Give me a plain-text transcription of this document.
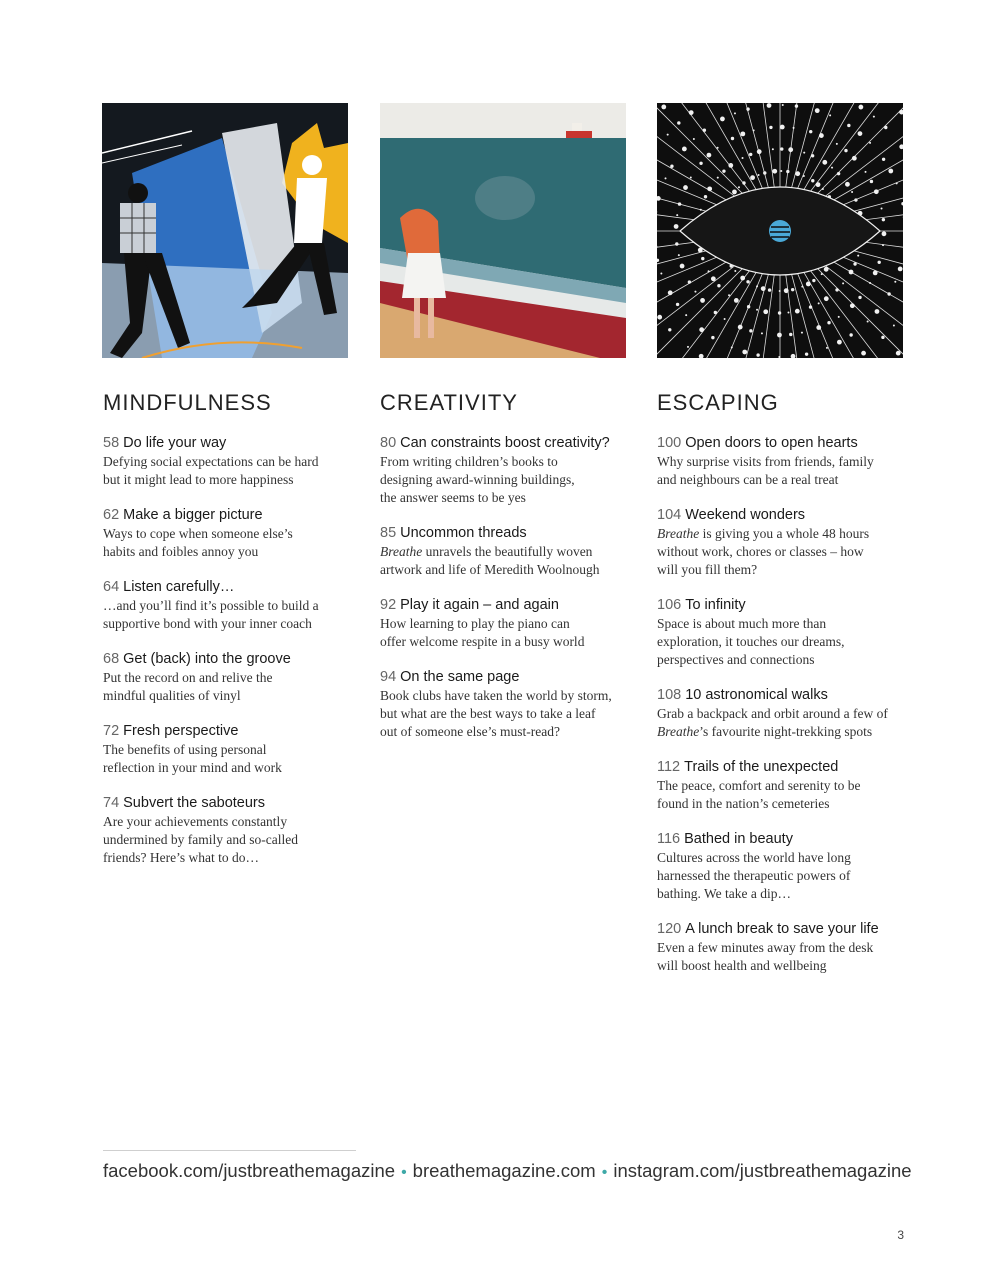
MINDFULNESS
58 Do life your way
Defying social expectations can be hard
but it might lead to more happiness
62 Make a bigger picture
Ways to cope when someone else’s
habits and foibles annoy you
64 Listen carefully…
…and you’ll find it’s possible to build a
supportive bond with your inner coach
68 Get (back) into the groove
Put the record on and relive the
mindful qualities of vinyl
72 Fresh perspective
The benefits of using personal
reflection in your mind and work
74 Subvert the saboteurs
Are your achievements constantly
undermined by family and so-called
friends? Here’s what to do…
CREATIVITY
80 Can constraints boost creativity?
From writing children’s books to
designing award-winning buildings,
the answer seems to be yes
85 Uncommon threads
Breathe unravels the beautifully woven
artwork and life of Meredith Woolnough
92 Play it again – and again
How learning to play the piano can
offer welcome respite in a busy world
94 On the same page
Book clubs have taken the world by storm,
but what are the best ways to take a leaf
out of someone else’s must-read?
ESCAPING
100 Open doors to open hearts
Why surprise visits from friends, family
and neighbours can be a real treat
104 Weekend wonders
Breathe is giving you a whole 48 hours
without work, chores or classes – how
will you fill them?
106 To infinity
Space is about much more than
exploration, it touches our dreams,
perspectives and connections
108 10 astronomical walks
Grab a backpack and orbit around a few of
Breathe’s favourite night-trekking spots
112 Trails of the unexpected
The peace, comfort and serenity to be
found in the nation’s cemeteries
116 Bathed in beauty
Cultures across the world have long
harnessed the therapeutic powers of
bathing. We take a dip…
120 A lunch break to save your life
Even a few minutes away from the desk
will boost health and wellbeing
facebook.com/justbreathemagazine • breathemagazine.com • instagram.com/justbreathemagazine
3
